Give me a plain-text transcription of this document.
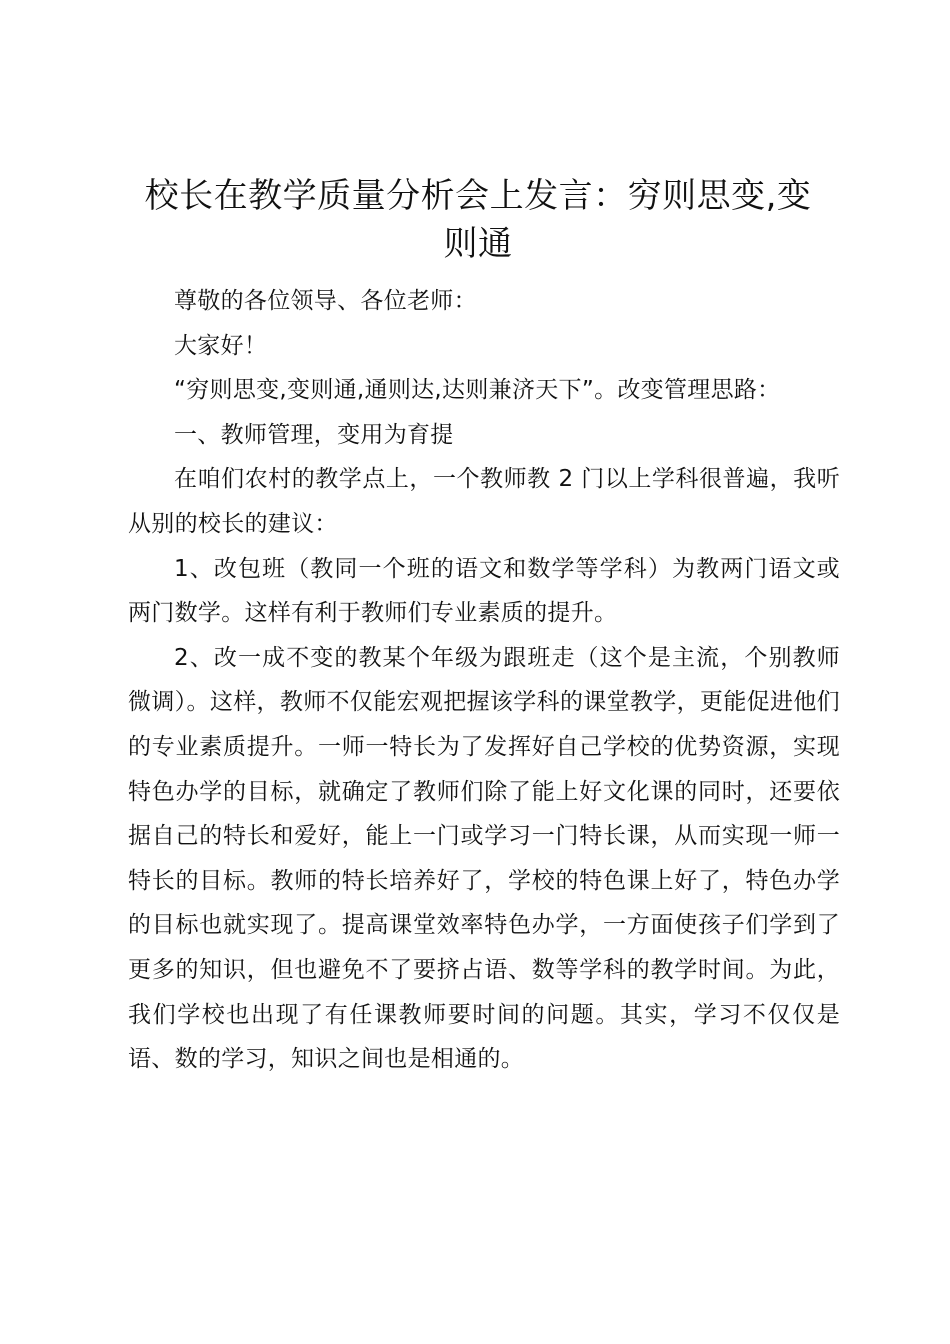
校长在教学质量分析会上发言：穷则思变,变则通

尊敬的各位领导、各位老师：

大家好！

“穷则思变,变则通,通则达,达则兼济天下”。改变管理思路：

一、教师管理，变用为育提

在咱们农村的教学点上，一个教师教 2 门以上学科很普遍，我听从别的校长的建议：

1、改包班（教同一个班的语文和数学等学科）为教两门语文或两门数学。这样有利于教师们专业素质的提升。

2、改一成不变的教某个年级为跟班走（这个是主流，个别教师微调）。这样，教师不仅能宏观把握该学科的课堂教学，更能促进他们的专业素质提升。一师一特长为了发挥好自己学校的优势资源，实现特色办学的目标，就确定了教师们除了能上好文化课的同时，还要依据自己的特长和爱好，能上一门或学习一门特长课，从而实现一师一特长的目标。教师的特长培养好了，学校的特色课上好了，特色办学的目标也就实现了。提高课堂效率特色办学，一方面使孩子们学到了更多的知识，但也避免不了要挤占语、数等学科的教学时间。为此，我们学校也出现了有任课教师要时间的问题。其实，学习不仅仅是语、数的学习，知识之间也是相通的。
